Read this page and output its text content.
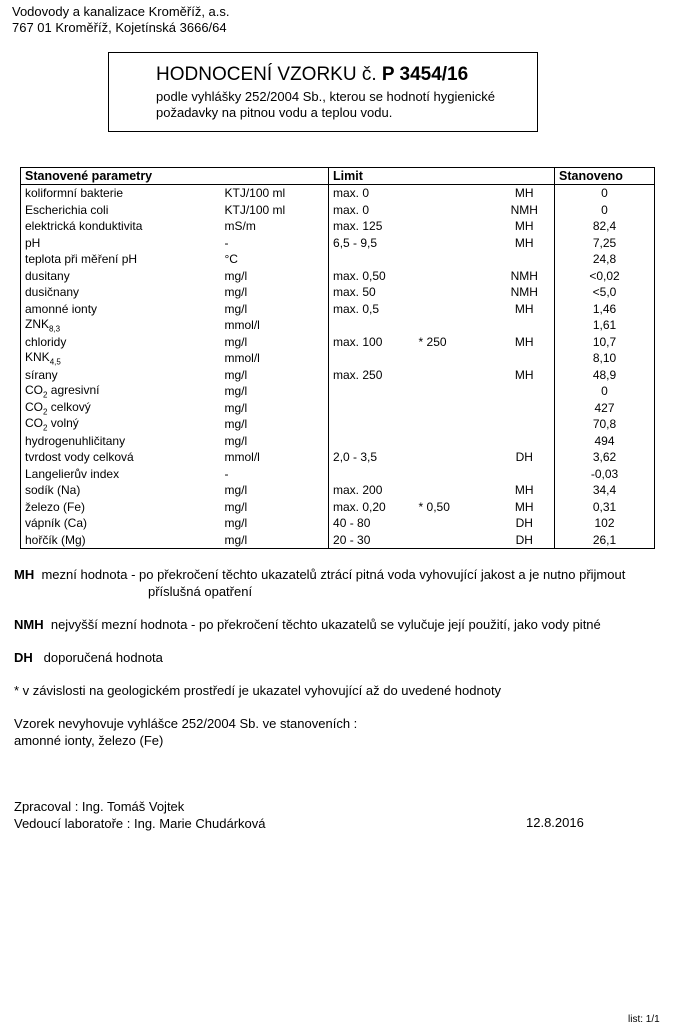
Vodovody a kanalizace Kroměříž, a.s.
767 01 Kroměříž, Kojetínská 3666/64
HODNOCENÍ VZORKU č. P 3454/16
podle vyhlášky 252/2004 Sb., kterou se hodnotí hygienické požadavky na pitnou vodu a teplou vodu.
Stanovené parametry		Limit			Stanoveno
koliformní bakterie	KTJ/100 ml	max. 0		MH	0
Escherichia coli	KTJ/100 ml	max. 0		NMH	0
elektrická konduktivita	mS/m	max. 125		MH	82,4
pH	-	6,5 - 9,5		MH	7,25
teplota při měření pH	°C				24,8
dusitany	mg/l	max. 0,50		NMH	<0,02
dusičnany	mg/l	max. 50		NMH	<5,0
amonné ionty	mg/l	max. 0,5		MH	1,46
$ZNK_{8,3}$	mmol/l				1,61
chloridy	mg/l	max. 100	* 250	MH	10,7
$KNK_{4,5}$	mmol/l				8,10
sírany	mg/l	max. 250		MH	48,9
$CO_2$ agresivní	mg/l				0
$CO_2$ celkový	mg/l				427
$CO_2$ volný	mg/l				70,8
hydrogenuhličitany	mg/l				494
tvrdost vody celková	mmol/l	2,0 - 3,5		DH	3,62
Langelierův index	-				-0,03
sodík (Na)	mg/l	max. 200		MH	34,4
železo (Fe)	mg/l	max. 0,20	* 0,50	MH	0,31
vápník (Ca)	mg/l	40 - 80		DH	102
hořčík (Mg)	mg/l	20 - 30		DH	26,1
MH mezní hodnota - po překročení těchto ukazatelů ztrácí pitná voda vyhovující jakost a je nutno přijmout
příslušná opatření
NMH nejvyšší mezní hodnota - po překročení těchto ukazatelů se vylučuje její použití, jako vody pitné
DH doporučená hodnota
* v závislosti na geologickém prostředí je ukazatel vyhovující až do uvedené hodnoty
Vzorek nevyhovuje vyhlášce 252/2004 Sb. ve stanoveních :
amonné ionty, železo (Fe)
Zpracoval : Ing. Tomáš Vojtek
Vedoucí laboratoře : Ing. Marie Chudárková	12.8.2016
list: 1/1
